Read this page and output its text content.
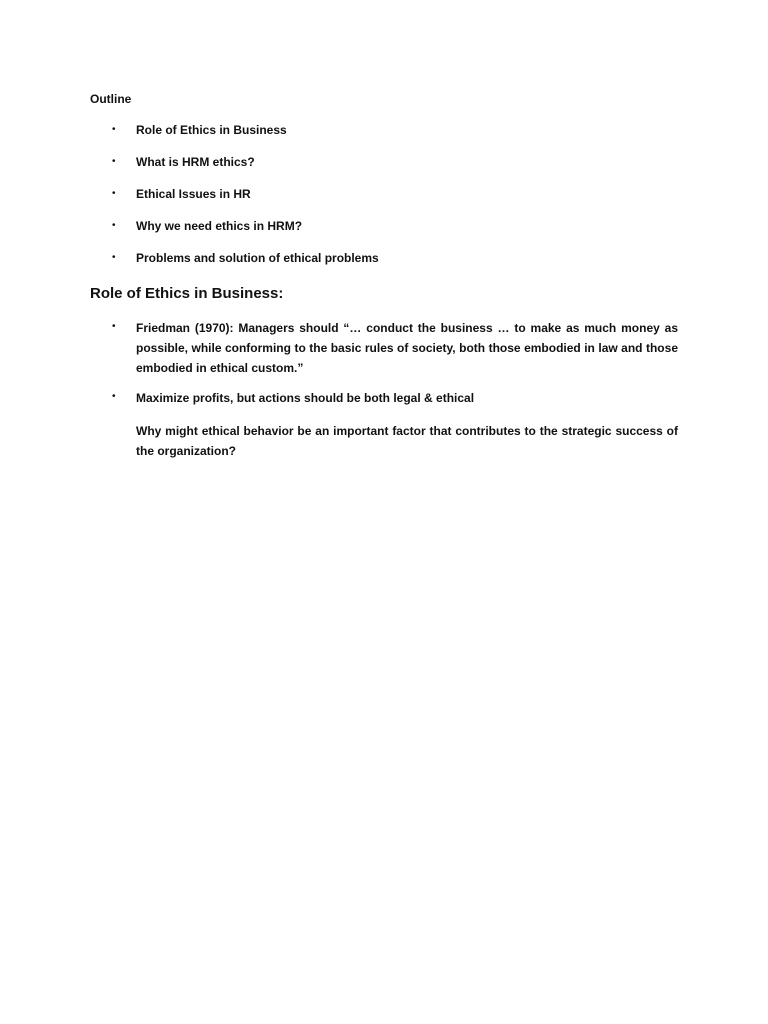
Outline
• Role of Ethics in Business
• What is HRM ethics?
• Ethical Issues in HR
• Why we need ethics in HRM?
• Problems and solution of ethical problems
Role of Ethics in Business:
• Friedman (1970): Managers should “… conduct the business … to make as much money as possible, while conforming to the basic rules of society, both those embodied in law and those embodied in ethical custom.”
• Maximize profits, but actions should be both legal & ethical
Why might ethical behavior be an important factor that contributes to the strategic success of the organization?
